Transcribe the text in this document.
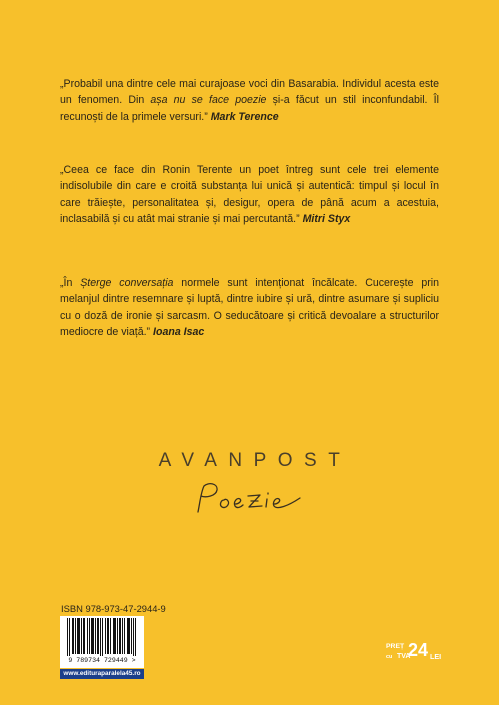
„Probabil una dintre cele mai curajoase voci din Basarabia. Individul acesta este un fenomen. Din așa nu se face poezie și-a făcut un stil inconfundabil. Îl recunoști de la primele versuri.” Mark Terence

„Ceea ce face din Ronin Terente un poet întreg sunt cele trei elemente indisolubile din care e croită substanța lui unică și autentică: timpul și locul în care trăiește, personalitatea și, desigur, opera de până acum a acestuia, inclasabilă și cu atât mai stranie și mai percutantă.” Mitri Styx

„În Șterge conversația normele sunt intenționat încălcate. Cucerește prin melanjul dintre resemnare și luptă, dintre iubire și ură, dintre asumare și supliciu cu o doză de ironie și sarcasm. O seducătoare și critică devoalare a structurilor mediocre de viață.” Ioana Isac

AVANPOST
ISBN 978-973-47-2944-9
9 789734 729449 >
www.edituraparalela45.ro
PREȚ
cu TVA
24 LEI
